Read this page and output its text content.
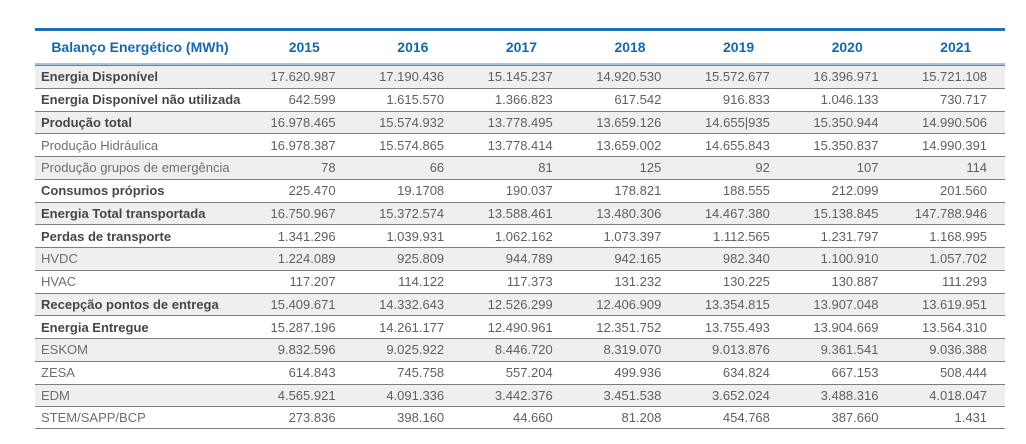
Balanço Energético (MWh)	2015	2016	2017	2018	2019	2020	2021
Energia Disponível	17.620.987	17.190.436	15.145.237	14.920.530	15.572.677	16.396.971	15.721.108
Energia Disponível não utilizada	642.599	1.615.570	1.366.823	617.542	916.833	1.046.133	730.717
Produção total	16.978.465	15.574.932	13.778.495	13.659.126	14.655|935	15.350.944	14.990.506
Produção Hidráulica	16.978.387	15.574.865	13.778.414	13.659.002	14.655.843	15.350.837	14.990.391
Produção grupos de emergência	78	66	81	125	92	107	114
Consumos próprios	225.470	19.1708	190.037	178.821	188.555	212.099	201.560
Energia Total transportada	16.750.967	15.372.574	13.588.461	13.480.306	14.467.380	15.138.845	147.788.946
Perdas de transporte	1.341.296	1.039.931	1.062.162	1.073.397	1.112.565	1.231.797	1.168.995
HVDC	1.224.089	925.809	944.789	942.165	982.340	1.100.910	1.057.702
HVAC	117.207	114.122	117.373	131.232	130.225	130.887	111.293
Recepção pontos de entrega	15.409.671	14.332.643	12.526.299	12.406.909	13.354.815	13.907.048	13.619.951
Energia Entregue	15.287.196	14.261.177	12.490.961	12.351.752	13.755.493	13.904.669	13.564.310
ESKOM	9.832.596	9.025.922	8.446.720	8.319.070	9.013.876	9.361.541	9.036.388
ZESA	614.843	745.758	557.204	499.936	634.824	667.153	508.444
EDM	4.565.921	4.091.336	3.442.376	3.451.538	3.652.024	3.488.316	4.018.047
STEM/SAPP/BCP	273.836	398.160	44.660	81.208	454.768	387.660	1.431
